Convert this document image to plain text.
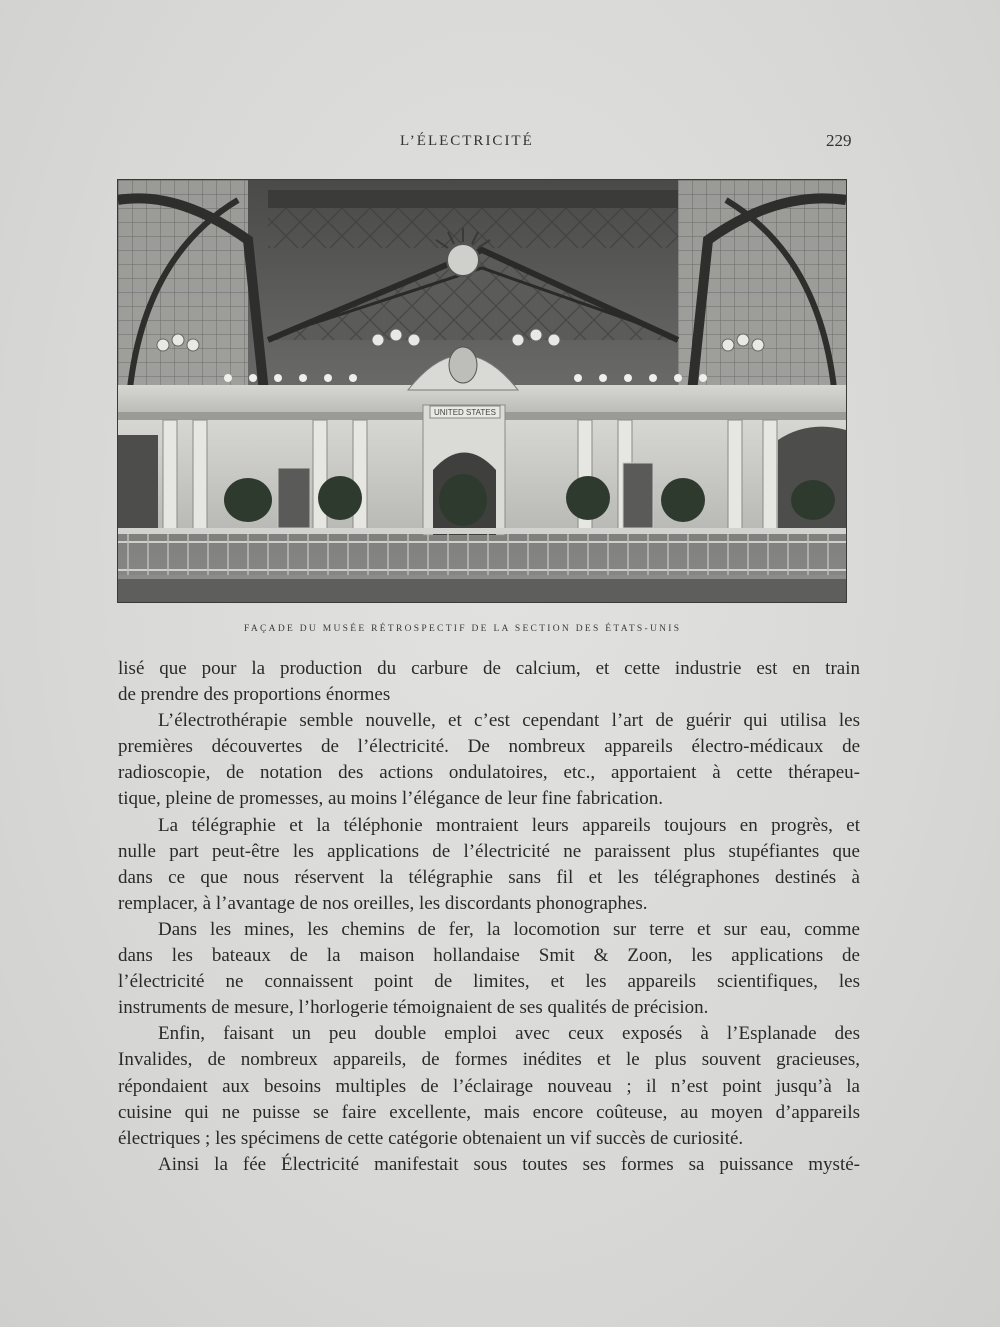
L’ÉLECTRICITÉ	229
UNITED STATES
FAÇADE DU MUSÉE RÉTROSPECTIF DE LA SECTION DES ÉTATS-UNIS
lisé que pour la production du carbure de calcium, et cette industrie est en train
de prendre des proportions énormes
L’électrothérapie semble nouvelle, et c’est cependant l’art de guérir qui utilisa les
premières découvertes de l’électricité. De nombreux appareils électro-médicaux de
radioscopie, de notation des actions ondulatoires, etc., apportaient à cette thérapeu-
tique, pleine de promesses, au moins l’élégance de leur fine fabrication.
La télégraphie et la téléphonie montraient leurs appareils toujours en progrès, et
nulle part peut-être les applications de l’électricité ne paraissent plus stupéfiantes que
dans ce que nous réservent la télégraphie sans fil et les télégraphones destinés à
remplacer, à l’avantage de nos oreilles, les discordants phonographes.
Dans les mines, les chemins de fer, la locomotion sur terre et sur eau, comme
dans les bateaux de la maison hollandaise Smit & Zoon, les applications de
l’électricité ne connaissent point de limites, et les appareils scientifiques, les
instruments de mesure, l’horlogerie témoignaient de ses qualités de précision.
Enfin, faisant un peu double emploi avec ceux exposés à l’Esplanade des
Invalides, de nombreux appareils, de formes inédites et le plus souvent gracieuses,
répondaient aux besoins multiples de l’éclairage nouveau ; il n’est point jusqu’à la
cuisine qui ne puisse se faire excellente, mais encore coûteuse, au moyen d’appareils
électriques ; les spécimens de cette catégorie obtenaient un vif succès de curiosité.
Ainsi la fée Électricité manifestait sous toutes ses formes sa puissance mysté-
